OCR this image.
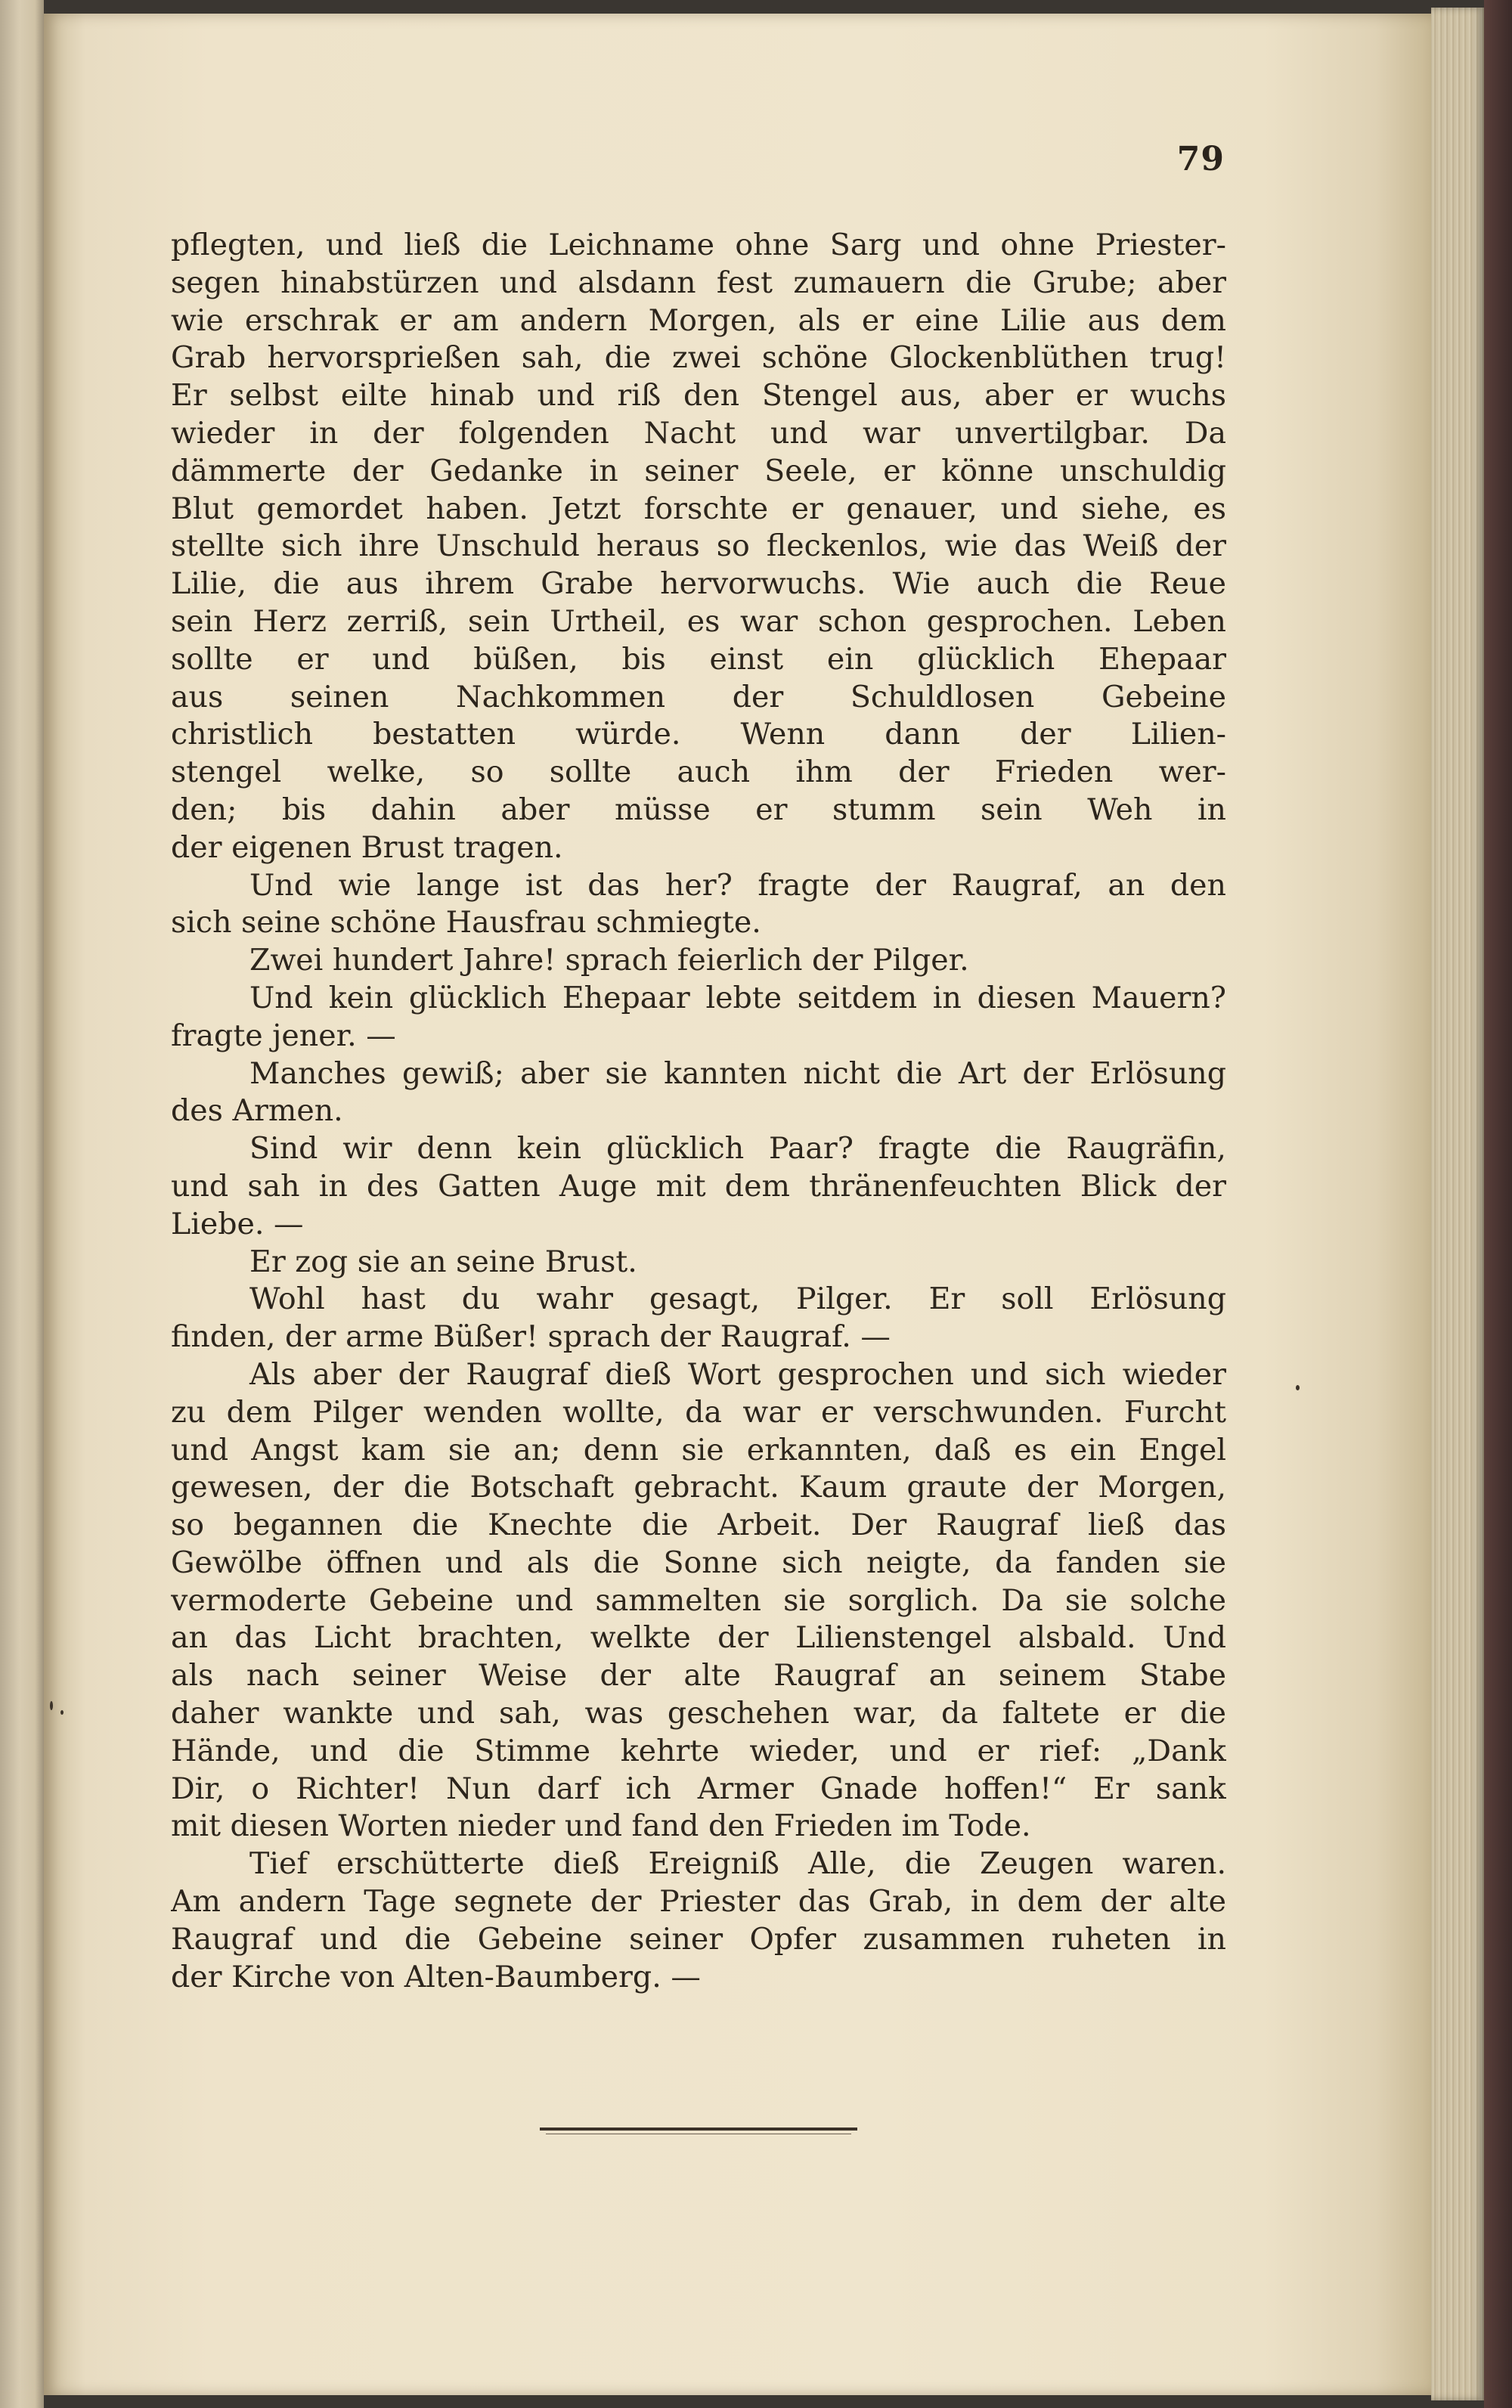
79
pflegten, und ließ die Leichname ohne Sarg und ohne Priester-
segen hinabstürzen und alsdann fest zumauern die Grube; aber
wie erschrak er am andern Morgen, als er eine Lilie aus dem
Grab hervorsprießen sah, die zwei schöne Glockenblüthen trug!
Er selbst eilte hinab und riß den Stengel aus, aber er wuchs
wieder in der folgenden Nacht und war unvertilgbar. Da
dämmerte der Gedanke in seiner Seele, er könne unschuldig
Blut gemordet haben. Jetzt forschte er genauer, und siehe, es
stellte sich ihre Unschuld heraus so fleckenlos, wie das Weiß der
Lilie, die aus ihrem Grabe hervorwuchs. Wie auch die Reue
sein Herz zerriß, sein Urtheil, es war schon gesprochen. Leben
sollte er und büßen, bis einst ein glücklich Ehepaar
aus seinen Nachkommen der Schuldlosen Gebeine
christlich bestatten würde. Wenn dann der Lilien-
stengel welke, so sollte auch ihm der Frieden wer-
den; bis dahin aber müsse er stumm sein Weh in
der eigenen Brust tragen.
Und wie lange ist das her? fragte der Raugraf, an den
sich seine schöne Hausfrau schmiegte.
Zwei hundert Jahre! sprach feierlich der Pilger.
Und kein glücklich Ehepaar lebte seitdem in diesen Mauern?
fragte jener. —
Manches gewiß; aber sie kannten nicht die Art der Erlösung
des Armen.
Sind wir denn kein glücklich Paar? fragte die Raugräfin,
und sah in des Gatten Auge mit dem thränenfeuchten Blick der
Liebe. —
Er zog sie an seine Brust.
Wohl hast du wahr gesagt, Pilger. Er soll Erlösung
finden, der arme Büßer! sprach der Raugraf. —
Als aber der Raugraf dieß Wort gesprochen und sich wieder
zu dem Pilger wenden wollte, da war er verschwunden. Furcht
und Angst kam sie an; denn sie erkannten, daß es ein Engel
gewesen, der die Botschaft gebracht. Kaum graute der Morgen,
so begannen die Knechte die Arbeit. Der Raugraf ließ das
Gewölbe öffnen und als die Sonne sich neigte, da fanden sie
vermoderte Gebeine und sammelten sie sorglich. Da sie solche
an das Licht brachten, welkte der Lilienstengel alsbald. Und
als nach seiner Weise der alte Raugraf an seinem Stabe
daher wankte und sah, was geschehen war, da faltete er die
Hände, und die Stimme kehrte wieder, und er rief: „Dank
Dir, o Richter! Nun darf ich Armer Gnade hoffen!“ Er sank
mit diesen Worten nieder und fand den Frieden im Tode.
Tief erschütterte dieß Ereigniß Alle, die Zeugen waren.
Am andern Tage segnete der Priester das Grab, in dem der alte
Raugraf und die Gebeine seiner Opfer zusammen ruheten in
der Kirche von Alten-Baumberg. —
